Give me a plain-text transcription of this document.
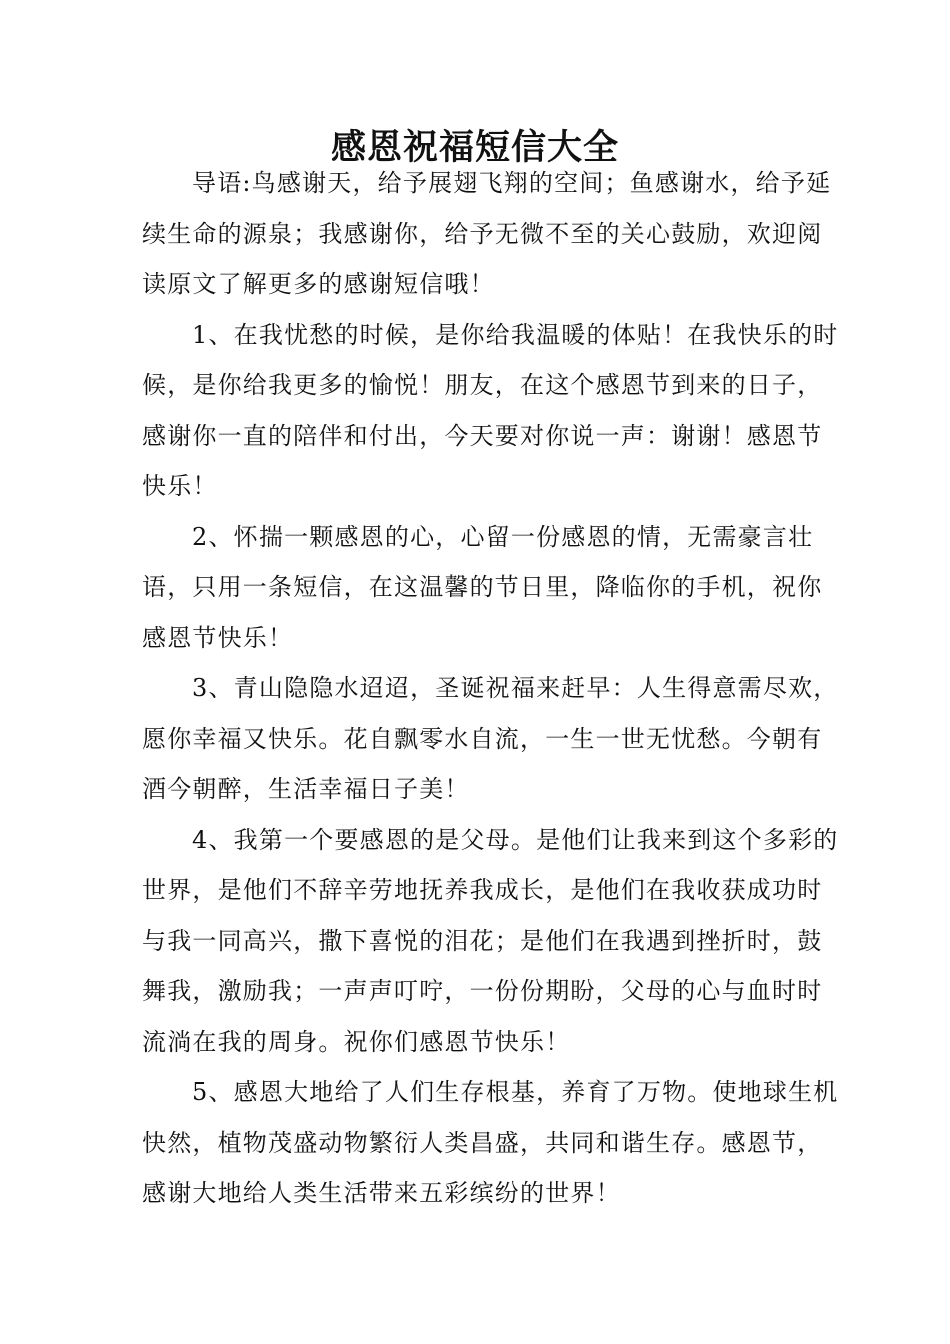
感恩祝福短信大全

导语:鸟感谢天，给予展翅飞翔的空间；鱼感谢水，给予延续生命的源泉；我感谢你，给予无微不至的关心鼓励，欢迎阅读原文了解更多的感谢短信哦！

1、在我忧愁的时候，是你给我温暖的体贴！在我快乐的时候，是你给我更多的愉悦！朋友，在这个感恩节到来的日子，感谢你一直的陪伴和付出，今天要对你说一声：谢谢！感恩节快乐！

2、怀揣一颗感恩的心，心留一份感恩的情，无需豪言壮语，只用一条短信，在这温馨的节日里，降临你的手机，祝你感恩节快乐！

3、青山隐隐水迢迢，圣诞祝福来赶早：人生得意需尽欢，愿你幸福又快乐。花自飘零水自流，一生一世无忧愁。今朝有酒今朝醉，生活幸福日子美！

4、我第一个要感恩的是父母。是他们让我来到这个多彩的世界，是他们不辞辛劳地抚养我成长，是他们在我收获成功时与我一同高兴，撒下喜悦的泪花；是他们在我遇到挫折时，鼓舞我，激励我；一声声叮咛，一份份期盼，父母的心与血时时流淌在我的周身。祝你们感恩节快乐！

5、感恩大地给了人们生存根基，养育了万物。使地球生机快然，植物茂盛动物繁衍人类昌盛，共同和谐生存。感恩节，感谢大地给人类生活带来五彩缤纷的世界！
